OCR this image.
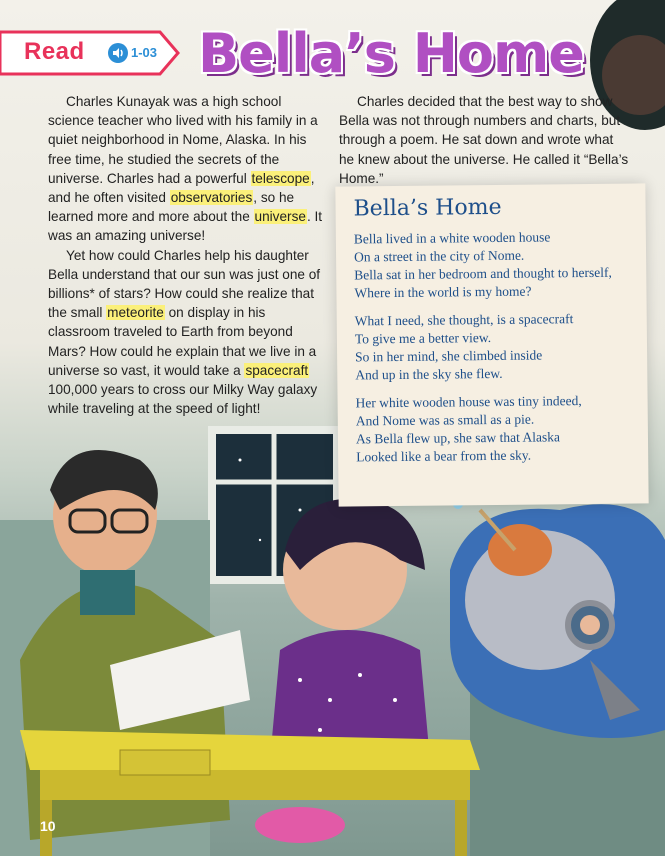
Read	1-03 Bella’s Home

Charles Kunayak was a high school science teacher who lived with his family in a quiet neighborhood in Nome, Alaska. In his free time, he studied the secrets of the universe. Charles had a powerful telescope, and he often visited observatories, so he learned more and more about the universe. It was an amazing universe!

Yet how could Charles help his daughter Bella understand that our sun was just one of billions* of stars? How could she realize that the small meteorite on display in his classroom traveled to Earth from beyond Mars? How could he explain that we live in a universe so vast, it would take a spacecraft 100,000 years to cross our Milky Way galaxy while traveling at the speed of light!

Charles decided that the best way to show Bella was not through numbers and charts, but through a poem. He sat down and wrote what he knew about the universe. He called it “Bella’s Home.”

Bella’s Home
Bella lived in a white wooden house
On a street in the city of Nome.
Bella sat in her bedroom and thought to herself,
Where in the world is my home?
What I need, she thought, is a spacecraft
To give me a better view.
So in her mind, she climbed inside
And up in the sky she flew.
Her white wooden house was tiny indeed,
And Nome was as small as a pie.
As Bella flew up, she saw that Alaska
Looked like a bear from the sky.
10
